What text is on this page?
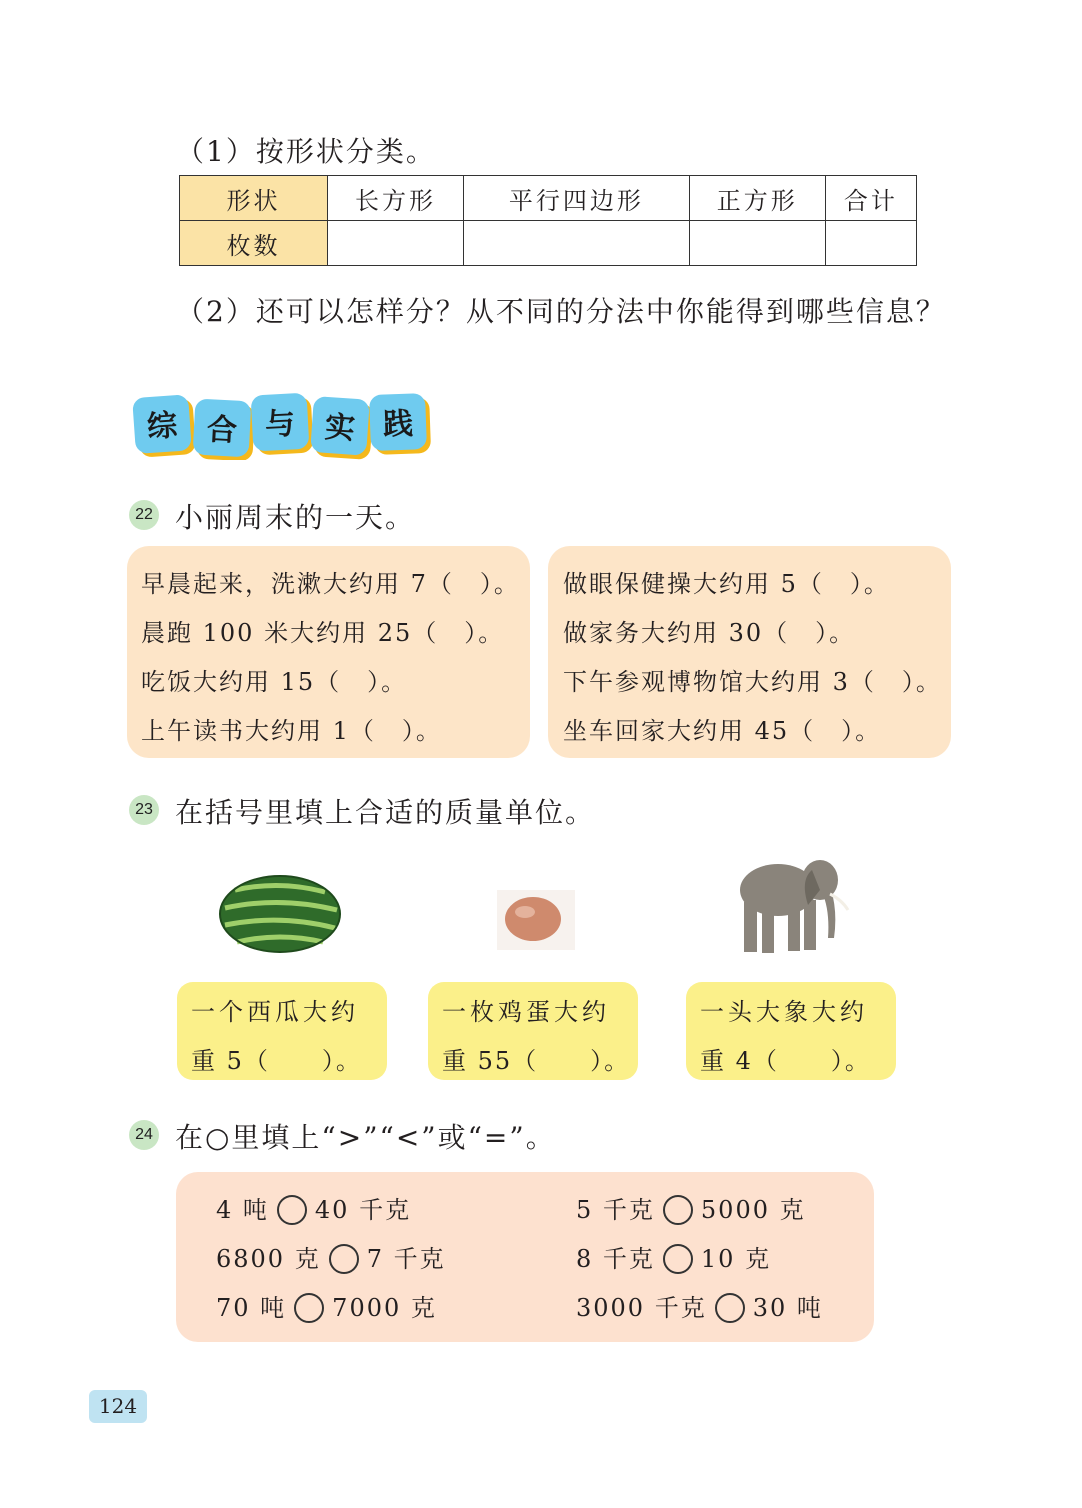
（1）按形状分类。
形状	长方形	平行四边形	正方形	合计
枚数				
（2）还可以怎样分？从不同的分法中你能得到哪些信息？
综 合 与 实 践
22 小丽周末的一天。
早晨起来，洗漱大约用 7（　）。
晨跑 100 米大约用 25（　）。
吃饭大约用 15（　）。
上午读书大约用 1（　）。
做眼保健操大约用 5（　）。
做家务大约用 30（　）。
下午参观博物馆大约用 3（　）。
坐车回家大约用 45（　）。
23 在括号里填上合适的质量单位。
一个西瓜大约
重 5（　　）。
一枚鸡蛋大约
重 55（　　）。
一头大象大约
重 4（　　）。
24 在○里填上“>”“<”或“=”。
4 吨 40 千克	5 千克 5000 克
6800 克 7 千克	8 千克 10 克
70 吨 7000 克	3000 千克 30 吨
124
